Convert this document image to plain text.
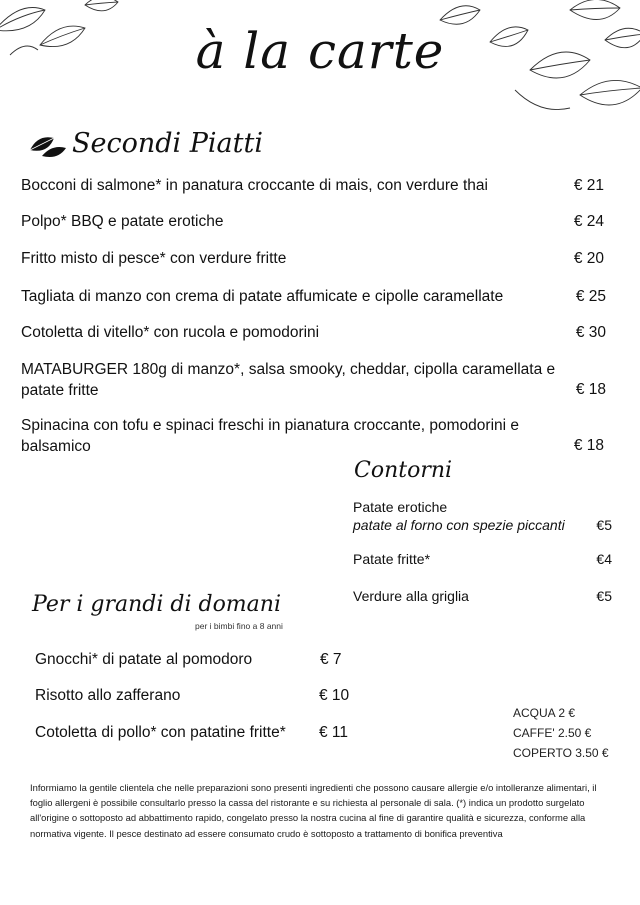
à la carte
Secondi Piatti
Bocconi di salmone* in panatura croccante di mais, con verdure thai	€ 21
Polpo* BBQ e patate erotiche	€ 24
Fritto misto di pesce* con verdure fritte	€ 20
Tagliata di manzo con crema di patate affumicate e cipolle caramellate	€ 25
Cotoletta di vitello* con rucola e pomodorini	€ 30
MATABURGER 180g di manzo*, salsa smooky, cheddar, cipolla caramellata e patate fritte	€ 18
Spinacina con tofu e spinaci freschi in pianatura croccante, pomodorini e balsamico	€ 18
Contorni
Patate erotiche
patate al forno con spezie piccanti	€5
Patate fritte*	€4
Verdure alla griglia	€5
Per i grandi di domani
per i bimbi fino a 8 anni
Gnocchi* di patate al pomodoro	€ 7
Risotto allo zafferano	€ 10
Cotoletta di pollo* con patatine fritte*	€ 11
ACQUA 2 €
CAFFE' 2.50 €
COPERTO 3.50 €
Informiamo la gentile clientela che nelle preparazioni sono presenti ingredienti che possono causare allergie e/o intolleranze alimentari, il foglio allergeni è possibile consultarlo presso la cassa del ristorante e su richiesta al personale di sala. (*) indica un prodotto surgelato all'origine o sottoposto ad abbattimento rapido, congelato presso la nostra cucina al fine di garantire qualità e sicurezza, conforme alla normativa vigente. Il pesce destinato ad essere consumato crudo è sottoposto a trattamento di bonifica preventiva
